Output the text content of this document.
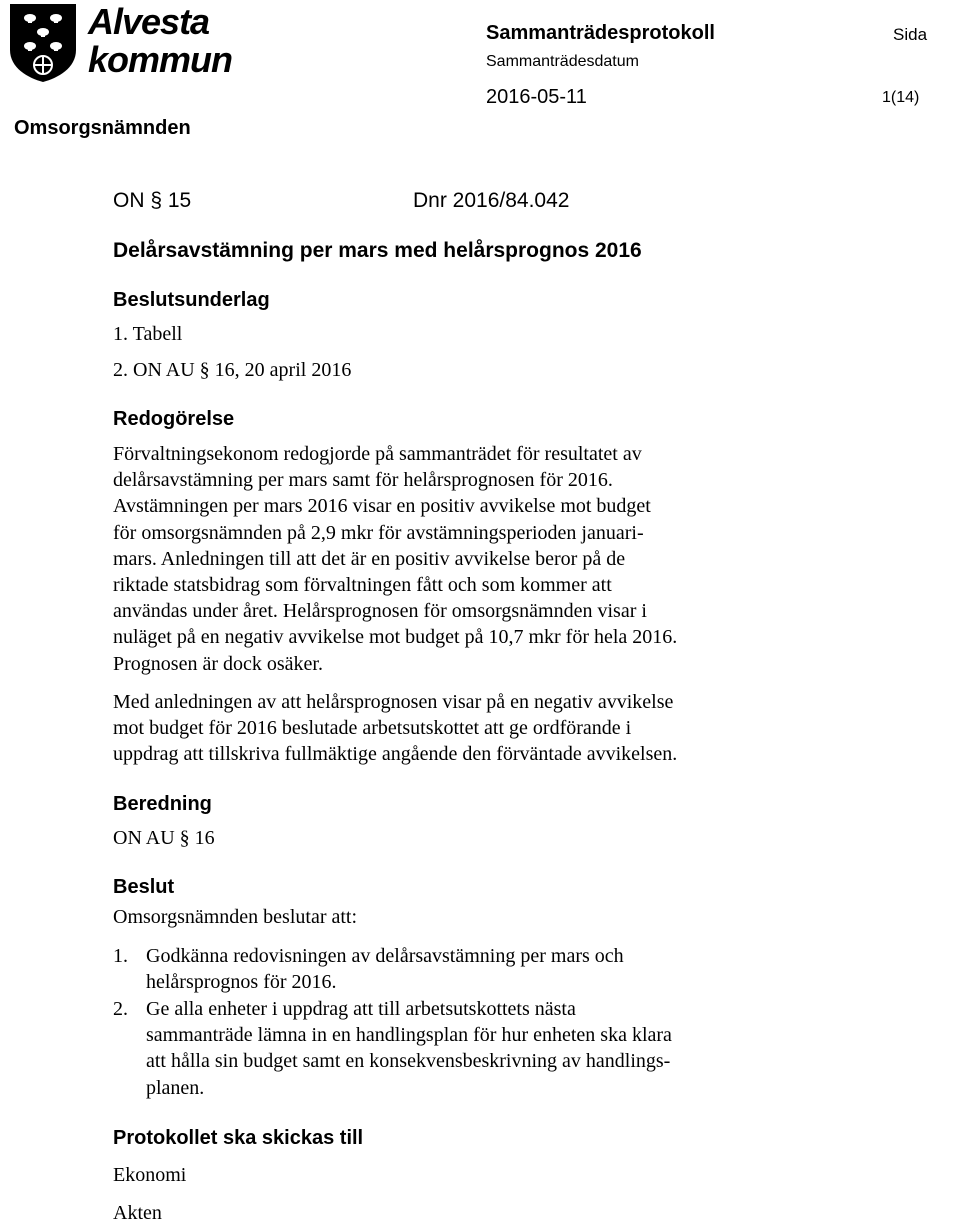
Alvesta
kommun
Omsorgsnämnden
Sammanträdesprotokoll	Sida
Sammanträdesdatum
2016-05-11	1(14)
ON § 15	Dnr 2016/84.042
Delårsavstämning per mars med helårsprognos 2016
Beslutsunderlag
1. Tabell
2. ON AU § 16, 20 april 2016
Redogörelse
Förvaltningsekonom redogjorde på sammanträdet för resultatet av
delårsavstämning per mars samt för helårsprognosen för 2016.
Avstämningen per mars 2016 visar en positiv avvikelse mot budget
för omsorgsnämnden på 2,9 mkr för avstämningsperioden januari-
mars. Anledningen till att det är en positiv avvikelse beror på de
riktade statsbidrag som förvaltningen fått och som kommer att
användas under året. Helårsprognosen för omsorgsnämnden visar i
nuläget på en negativ avvikelse mot budget på 10,7 mkr för hela 2016.
Prognosen är dock osäker.
Med anledningen av att helårsprognosen visar på en negativ avvikelse
mot budget för 2016 beslutade arbetsutskottet att ge ordförande i
uppdrag att tillskriva fullmäktige angående den förväntade avvikelsen.
Beredning
ON AU § 16
Beslut
Omsorgsnämnden beslutar att:
1. Godkänna redovisningen av delårsavstämning per mars och
helårsprognos för 2016.
2. Ge alla enheter i uppdrag att till arbetsutskottets nästa
sammanträde lämna in en handlingsplan för hur enheten ska klara
att hålla sin budget samt en konsekvensbeskrivning av handlings-
planen.
Protokollet ska skickas till
Ekonomi
Akten
